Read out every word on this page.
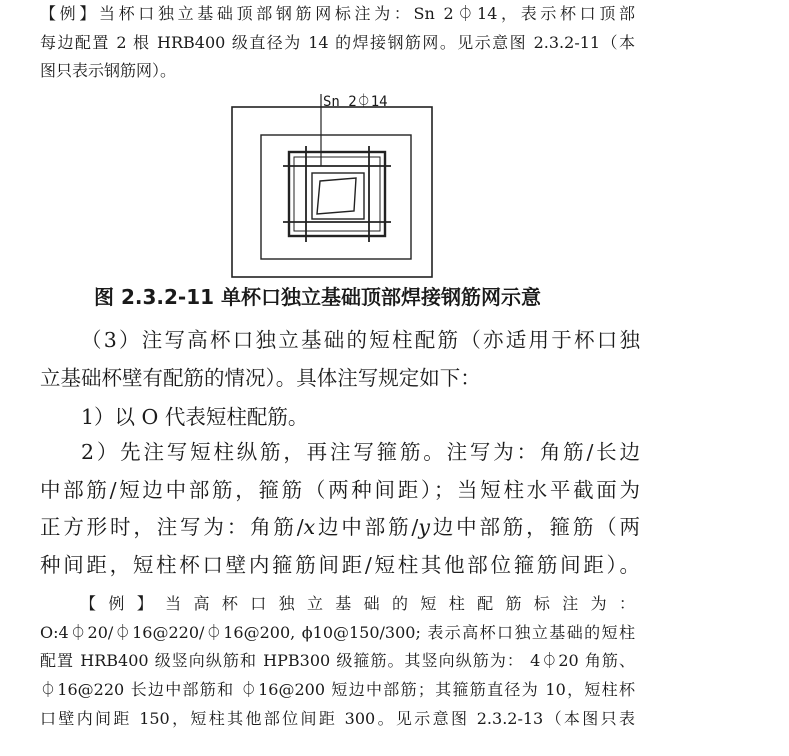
【例】当杯口独立基础顶部钢筋网标注为：Sn 2⏀14，表示杯口顶部
每边配置 2 根 HRB400 级直径为 14 的焊接钢筋网。见示意图 2.3.2-11（本
图只表示钢筋网）。
Sn 2⏀14
图 2.3.2-11 单杯口独立基础顶部焊接钢筋网示意
（3）注写高杯口独立基础的短柱配筋（亦适用于杯口独
立基础杯壁有配筋的情况）。具体注写规定如下：
1）以 O 代表短柱配筋。
2）先注写短柱纵筋，再注写箍筋。注写为：角筋/长边
中部筋/短边中部筋，箍筋（两种间距）；当短柱水平截面为
正方形时，注写为：角筋/x边中部筋/y边中部筋，箍筋（两
种间距，短柱杯口壁内箍筋间距/短柱其他部位箍筋间距）。
【 例 】 当 高 杯 口 独 立 基 础 的 短 柱 配 筋 标 注 为 ：
O:4⏀20/⏀16@220/⏀16@200, ϕ10@150/300; 表示高杯口独立基础的短柱
配置 HRB400 级竖向纵筋和 HPB300 级箍筋。其竖向纵筋为： 4⏀20 角筋、
⏀16@220 长边中部筋和 ⏀16@200 短边中部筋；其箍筋直径为 10，短柱杯
口壁内间距 150，短柱其他部位间距 300。见示意图 2.3.2-13（本图只表
